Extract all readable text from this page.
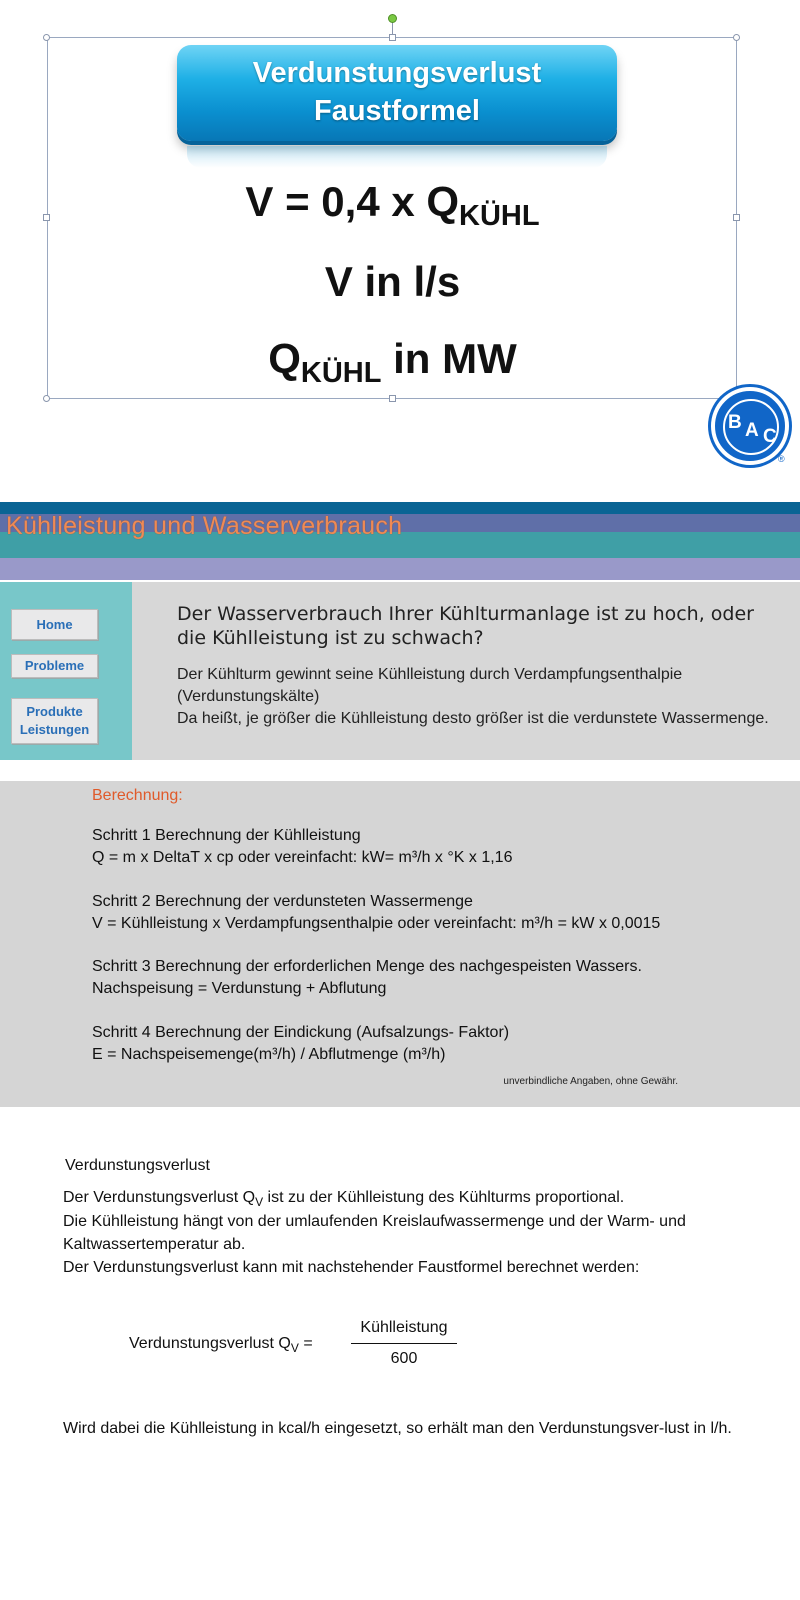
Verdunstungsverlust
Faustformel
V = 0,4 x $Q_{KÜHL}$
V in l/s
$Q_{KÜHL}$ in MW
B A C
®
Kühlleistung und Wasserverbrauch
Home
Probleme
Produkte
Leistungen
Der Wasserverbrauch Ihrer Kühlturmanlage ist zu hoch, oder die Kühlleistung ist zu schwach?
Der Kühlturm gewinnt seine Kühlleistung durch Verdampfungsenthalpie (Verdunstungskälte)
Da heißt, je größer die Kühlleistung desto größer ist die verdunstete Wassermenge.
Berechnung:
Schritt 1 Berechnung der Kühlleistung
Q = m x DeltaT x cp oder vereinfacht: kW= m³/h x °K x 1,16
Schritt 2 Berechnung der verdunsteten Wassermenge
V = Kühlleistung x Verdampfungsenthalpie oder vereinfacht: m³/h = kW x 0,0015
Schritt 3 Berechnung der erforderlichen Menge des nachgespeisten Wassers.
Nachspeisung = Verdunstung + Abflutung
Schritt 4 Berechnung der Eindickung (Aufsalzungs- Faktor)
E = Nachspeisemenge(m³/h) / Abflutmenge (m³/h)
unverbindliche Angaben, ohne Gewähr.
Verdunstungsverlust
Der Verdunstungsverlust $Q_V$ ist zu der Kühlleistung des Kühlturms proportional.
Die Kühlleistung hängt von der umlaufenden Kreislaufwassermenge und der Warm- und Kaltwassertemperatur ab.
Der Verdunstungsverlust kann mit nachstehender Faustformel berechnet werden:
Verdunstungsverlust $Q_V$ =
Kühlleistung
600
Wird dabei die Kühlleistung in kcal/h eingesetzt, so erhält man den Verdunstungsver-lust in l/h.
